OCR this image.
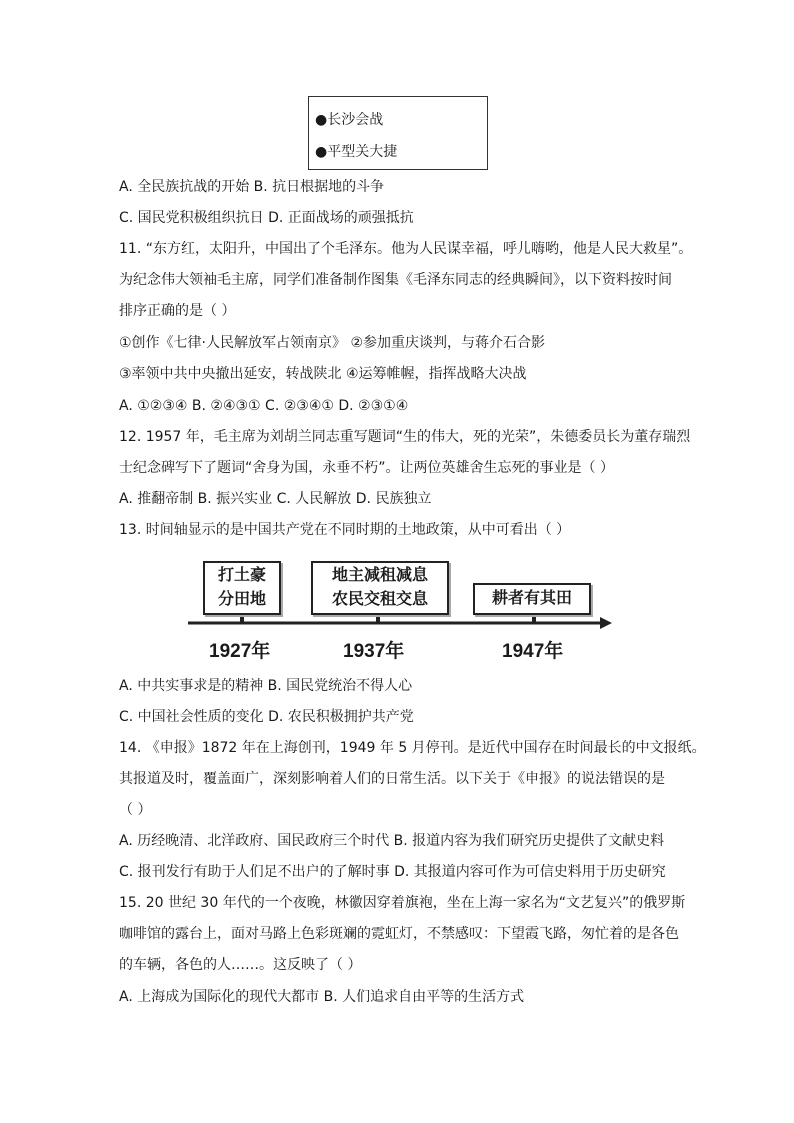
●长沙会战
●平型关大捷
A. 全民族抗战的开始 B. 抗日根据地的斗争
C. 国民党积极组织抗日 D. 正面战场的顽强抵抗
11. “东方红，太阳升，中国出了个毛泽东。他为人民谋幸福，呼儿嗨哟，他是人民大救星”。
为纪念伟大领袖毛主席，同学们准备制作图集《毛泽东同志的经典瞬间》，以下资料按时间
排序正确的是（ ）
①创作《七律·人民解放军占领南京》 ②参加重庆谈判，与蒋介石合影
③率领中共中央撤出延安，转战陕北 ④运筹帷幄，指挥战略大决战
A. ①②③④ B. ②④③① C. ②③④① D. ②③①④
12. 1957 年，毛主席为刘胡兰同志重写题词“生的伟大，死的光荣”，朱德委员长为董存瑞烈
士纪念碑写下了题词“舍身为国，永垂不朽”。让两位英雄舍生忘死的事业是（ ）
A. 推翻帝制 B. 振兴实业 C. 人民解放 D. 民族独立
13. 时间轴显示的是中国共产党在不同时期的土地政策，从中可看出（ ）
打土豪
分田地
地主减租减息
农民交租交息	耕者有其田
1927年	1937年	1947年
A. 中共实事求是的精神 B. 国民党统治不得人心
C. 中国社会性质的变化 D. 农民积极拥护共产党
14. 《申报》1872 年在上海创刊，1949 年 5 月停刊。是近代中国存在时间最长的中文报纸。
其报道及时，覆盖面广，深刻影响着人们的日常生活。以下关于《申报》的说法错误的是
（ ）
A. 历经晚清、北洋政府、国民政府三个时代 B. 报道内容为我们研究历史提供了文献史料
C. 报刊发行有助于人们足不出户的了解时事 D. 其报道内容可作为可信史料用于历史研究
15. 20 世纪 30 年代的一个夜晚，林徽因穿着旗袍，坐在上海一家名为“文艺复兴”的俄罗斯
咖啡馆的露台上，面对马路上色彩斑斓的霓虹灯，不禁感叹：下望霞飞路，匆忙着的是各色
的车辆，各色的人……。这反映了（ ）
A. 上海成为国际化的现代大都市 B. 人们追求自由平等的生活方式
